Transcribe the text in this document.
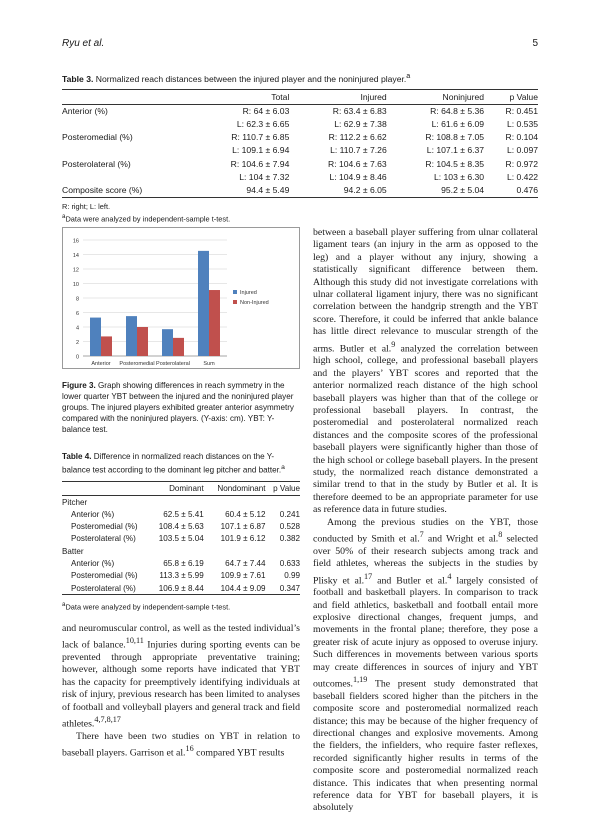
Ryu et al.	5
Table 3. Normalized reach distances between the injured player and the noninjured player.$^a$
	Total	Injured	Noninjured	p Value
Anterior (%)	R: 64 ± 6.03	R: 63.4 ± 6.83	R: 64.8 ± 5.36	R: 0.451
	L: 62.3 ± 6.65	L: 62.9 ± 7.38	L: 61.6 ± 6.09	L: 0.535
Posteromedial (%)	R: 110.7 ± 6.85	R: 112.2 ± 6.62	R: 108.8 ± 7.05	R: 0.104
	L: 109.1 ± 6.94	L: 110.7 ± 7.26	L: 107.1 ± 6.37	L: 0.097
Posterolateral (%)	R: 104.6 ± 7.94	R: 104.6 ± 7.63	R: 104.5 ± 8.35	R: 0.972
	L: 104 ± 7.32	L: 104.9 ± 8.46	L: 103 ± 6.30	L: 0.422
Composite score (%)	94.4 ± 5.49	94.2 ± 6.05	95.2 ± 5.04	0.476
R: right; L: left.
$^a$Data were analyzed by independent-sample t-test.
0
2
4
6
8
10
12
14
16
Anterior Posteromedial Posterolateral Sum
Injured
Non-Injured
Figure 3. Graph showing differences in reach symmetry in the lower quarter YBT between the injured and the noninjured player groups. The injured players exhibited greater anterior asymmetry compared with the noninjured players. (Y-axis: cm). YBT: Y-balance test.
Table 4. Difference in normalized reach distances on the Y-balance test according to the dominant leg pitcher and batter.$^a$
	Dominant	Nondominant	p Value
Pitcher			
Anterior (%)	62.5 ± 5.41	60.4 ± 5.12	0.241
Posteromedial (%)	108.4 ± 5.63	107.1 ± 6.87	0.528
Posterolateral (%)	103.5 ± 5.04	101.9 ± 6.12	0.382
Batter			
Anterior (%)	65.8 ± 6.19	64.7 ± 7.44	0.633
Posteromedial (%)	113.3 ± 5.99	109.9 ± 7.61	0.99
Posterolateral (%)	106.9 ± 8.44	104.4 ± 9.09	0.347
$^a$Data were analyzed by independent-sample t-test.

and neuromuscular control, as well as the tested individual’s lack of balance.$^{10,11}$ Injuries during sporting events can be prevented through appropriate preventative training; however, although some reports have indicated that YBT has the capacity for preemptively identifying individuals at risk of injury, previous research has been limited to analyses of football and volleyball players and general track and field athletes.$^{4,7,8,17}$

There have been two studies on YBT in relation to baseball players. Garrison et al.$^{16}$ compared YBT results

between a baseball player suffering from ulnar collateral ligament tears (an injury in the arm as opposed to the leg) and a player without any injury, showing a statistically significant difference between them. Although this study did not investigate correlations with ulnar collateral ligament injury, there was no significant correlation between the handgrip strength and the YBT score. Therefore, it could be inferred that ankle balance has little direct relevance to muscular strength of the arms. Butler et al.$^9$ analyzed the correlation between high school, college, and professional baseball players and the players’ YBT scores and reported that the anterior normalized reach distance of the high school baseball players was higher than that of the college or professional baseball players. In contrast, the posteromedial and posterolateral normalized reach distances and the composite scores of the professional baseball players were significantly higher than those of the high school or college baseball players. In the present study, the normalized reach distance demonstrated a similar trend to that in the study by Butler et al. It is therefore deemed to be an appropriate parameter for use as reference data in future studies.

Among the previous studies on the YBT, those conducted by Smith et al.$^7$ and Wright et al.$^8$ selected over 50% of their research subjects among track and field athletes, whereas the subjects in the studies by Plisky et al.$^{17}$ and Butler et al.$^4$ largely consisted of football and basketball players. In comparison to track and field athletics, basketball and football entail more explosive directional changes, frequent jumps, and movements in the frontal plane; therefore, they pose a greater risk of acute injury as opposed to overuse injury. Such differences in movements between various sports may create differences in sources of injury and YBT outcomes.$^{1,19}$ The present study demonstrated that baseball fielders scored higher than the pitchers in the composite score and posteromedial normalized reach distance; this may be because of the higher frequency of directional changes and explosive movements. Among the fielders, the infielders, who require faster reflexes, recorded significantly higher results in terms of the composite score and posteromedial normalized reach distance. This indicates that when presenting normal reference data for YBT for baseball players, it is absolutely
